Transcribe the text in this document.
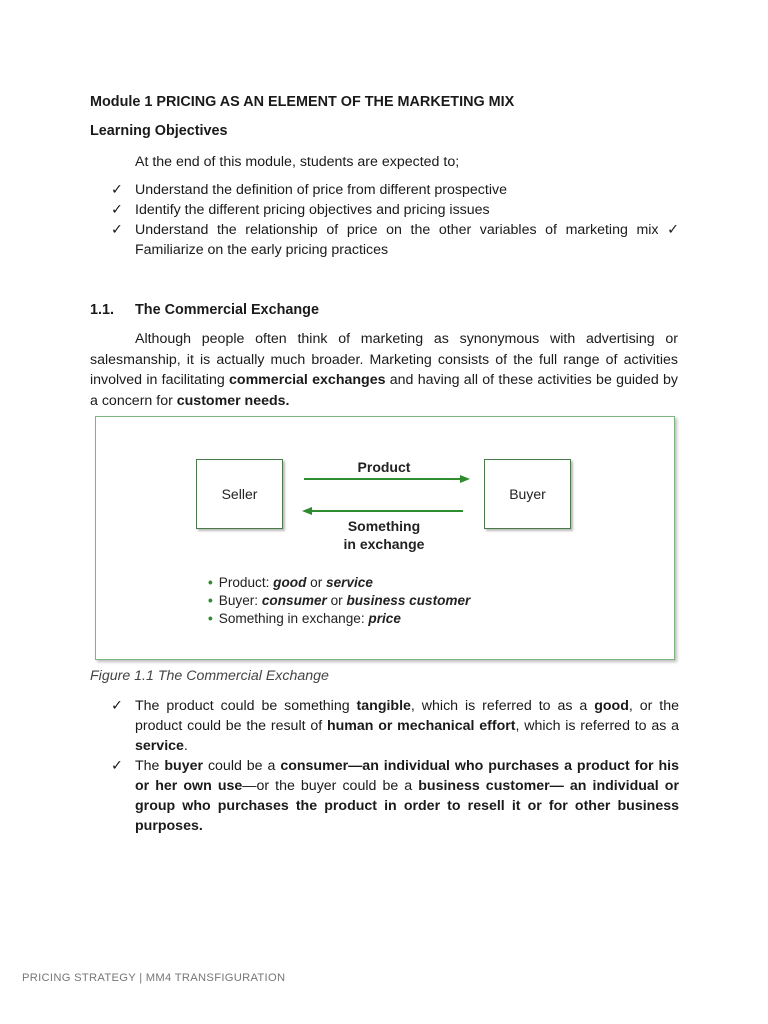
Module 1 PRICING AS AN ELEMENT OF THE MARKETING MIX
Learning Objectives
At the end of this module, students are expected to;
✓ Understand the definition of price from different prospective
✓ Identify the different pricing objectives and pricing issues
✓ Understand the relationship of price on the other variables of marketing mix ✓ Familiarize on the early pricing practices
1.1. The Commercial Exchange
Although people often think of marketing as synonymous with advertising or salesmanship, it is actually much broader. Marketing consists of the full range of activities involved in facilitating commercial exchanges and having all of these activities be guided by a concern for customer needs.
Seller	Buyer
Product
Something
in exchange
• Product: good or service
• Buyer: consumer or business customer
• Something in exchange: price
Figure 1.1 The Commercial Exchange
✓ The product could be something tangible, which is referred to as a good, or the product could be the result of human or mechanical effort, which is referred to as a service.
✓ The buyer could be a consumer—an individual who purchases a product for his or her own use—or the buyer could be a business customer— an individual or group who purchases the product in order to resell it or for other business purposes.
PRICING STRATEGY | MM4 TRANSFIGURATION
